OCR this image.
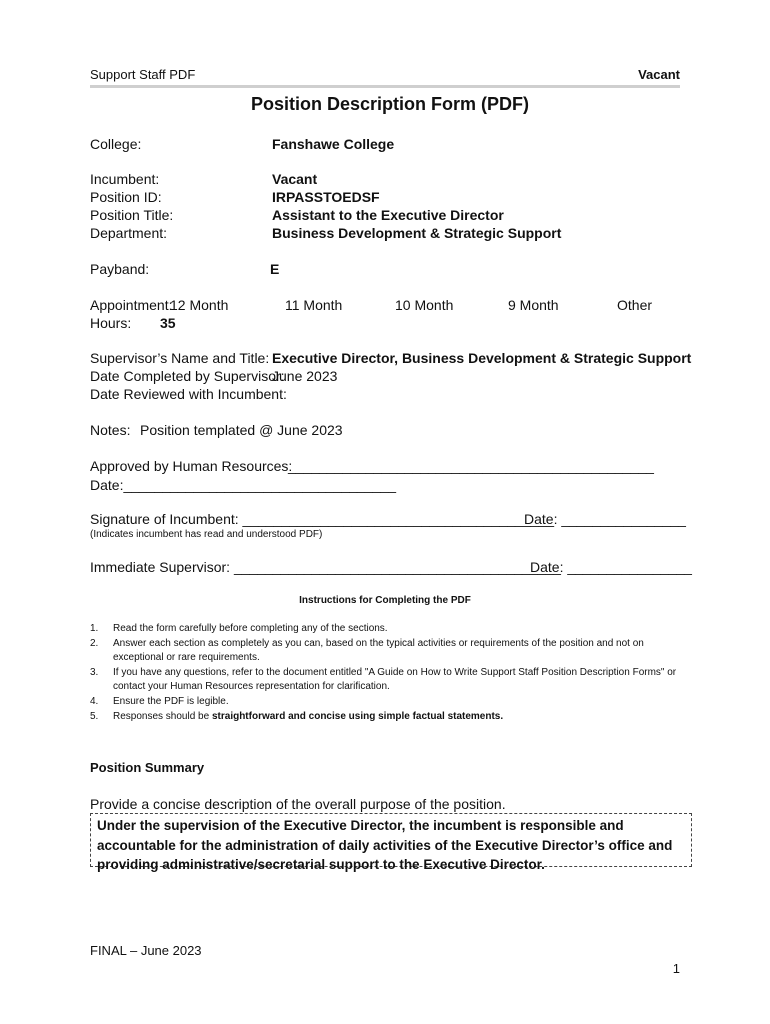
Support Staff PDF	Vacant
Position Description Form (PDF)
College:	Fanshawe College
Incumbent:	Vacant
Position ID:	IRPASSTOEDSF
Position Title:	Assistant to the Executive Director
Department:	Business Development & Strategic Support
Payband:	E
Appointment:
12 Month	11 Month	10 Month	9 Month	Other
Hours: 35
Supervisor’s Name and Title: Executive Director, Business Development & Strategic Support
Date Completed by Supervisor:
June 2023
Date Reviewed with Incumbent:
Notes: Position templated @ June 2023
Approved by Human Resources:
_______________________________________________
Date:___________________________________
Signature of Incumbent: ________________________________________
Date: ________________
(Indicates incumbent has read and understood PDF)
Immediate Supervisor: __________________________________________
Date: ________________
Instructions for Completing the PDF
1. Read the form carefully before completing any of the sections.
2. Answer each section as completely as you can, based on the typical activities or requirements of the position and not on exceptional or rare requirements.
3. If you have any questions, refer to the document entitled "A Guide on How to Write Support Staff Position Description Forms" or contact your Human Resources representation for clarification.
4. Ensure the PDF is legible.
5. Responses should be straightforward and concise using simple factual statements.
Position Summary
Provide a concise description of the overall purpose of the position.
Under the supervision of the Executive Director, the incumbent is responsible and accountable for the administration of daily activities of the Executive Director’s office and providing administrative/secretarial support to the Executive Director.
FINAL – June 2023
1
